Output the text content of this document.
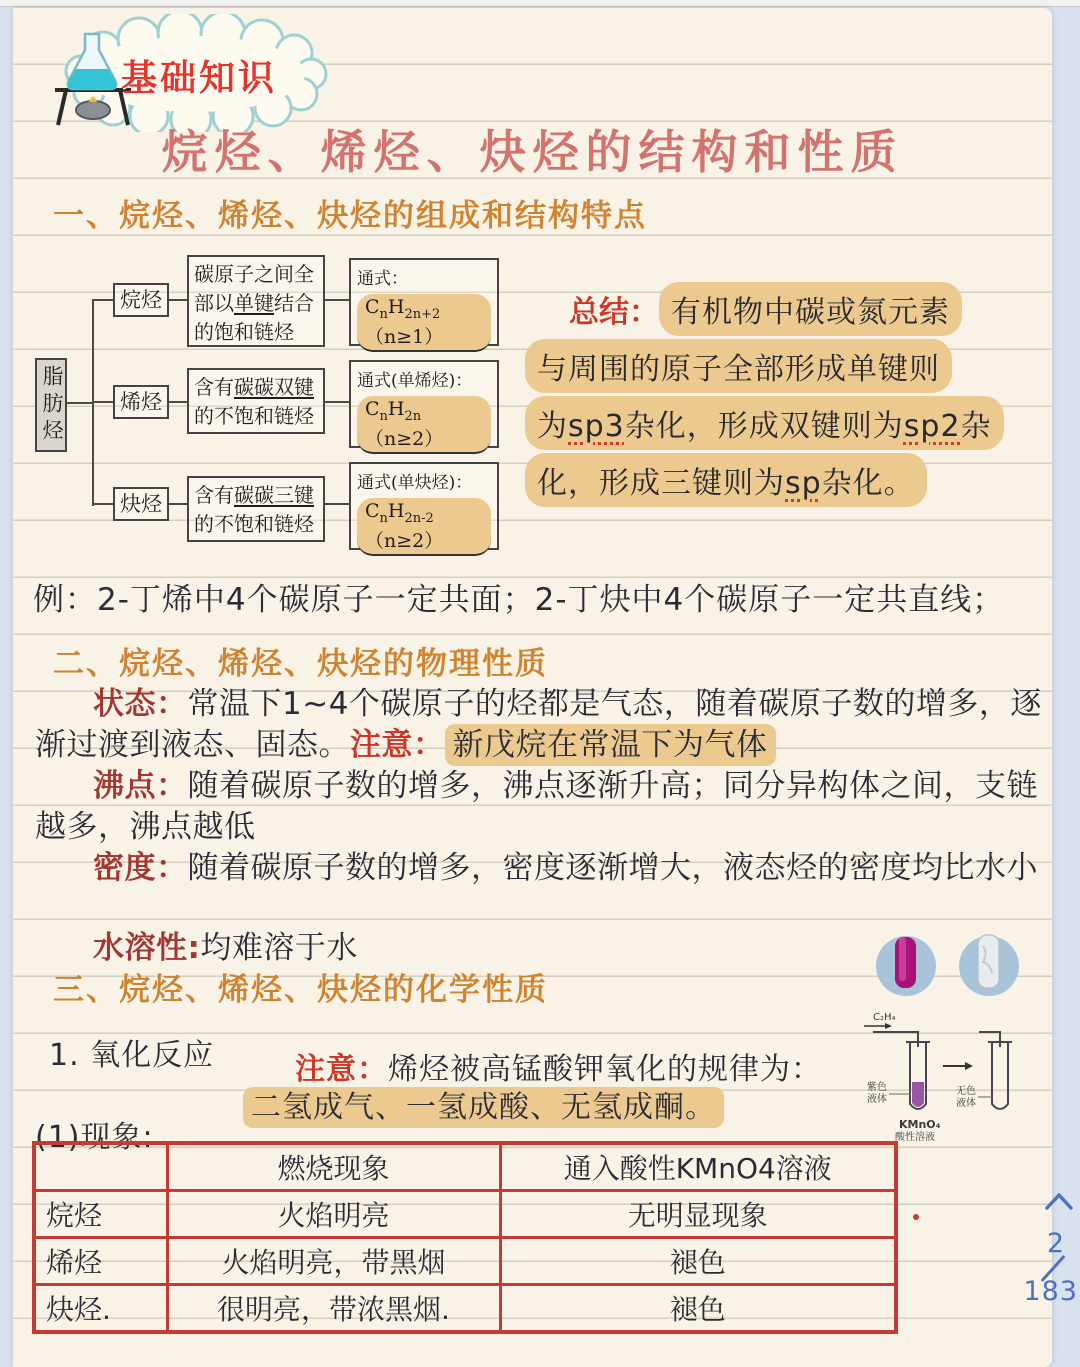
基础知识
烷烃、烯烃、炔烃的结构和性质
一、烷烃、烯烃、炔烃的组成和结构特点
脂肪烃
烷烃
烯烃
炔烃
碳原子之间全部以单键结合的饱和链烃
含有碳碳双键的不饱和链烃
含有碳碳三键的不饱和链烃
通式：
$C_nH_{2n+2}(n\ge 1)$
通式(单烯烃)：
$C_nH_{2n}(n\ge 2)$
通式(单炔烃)：
$C_nH_{2n-2}(n\ge 2)$
总结： 有机物中碳或氮元素
与周围的原子全部形成单键则
为sp3杂化，形成双键则为sp2杂
化，形成三键则为sp杂化。
例：2-丁烯中4个碳原子一定共面；2-丁炔中4个碳原子一定共直线；
二、烷烃、烯烃、炔烃的物理性质

状态：常温下1~4个碳原子的烃都是气态，随着碳原子数的增多，逐渐过渡到液态、固态。注意： 新戊烷在常温下为气体

沸点：随着碳原子数的增多，沸点逐渐升高；同分异构体之间，支链越多，沸点越低

密度：随着碳原子数的增多，密度逐渐增大，液态烃的密度均比水小

水溶性:均难溶于水

三、烷烃、烯烃、炔烃的化学性质
1. 氧化反应	注意：烯烃被高锰酸钾氧化的规律为：
二氢成气、一氢成酸、无氢成酮。
(1)现象:
	燃烧现象	通入酸性KMnO4溶液
烷烃	火焰明亮	无明显现象
烯烃	火焰明亮，带黑烟	褪色
炔烃.	很明亮，带浓黑烟.	褪色
C₂H₄
紫色
液体
无色
液体
KMnO₄
酸性溶液
2
183
